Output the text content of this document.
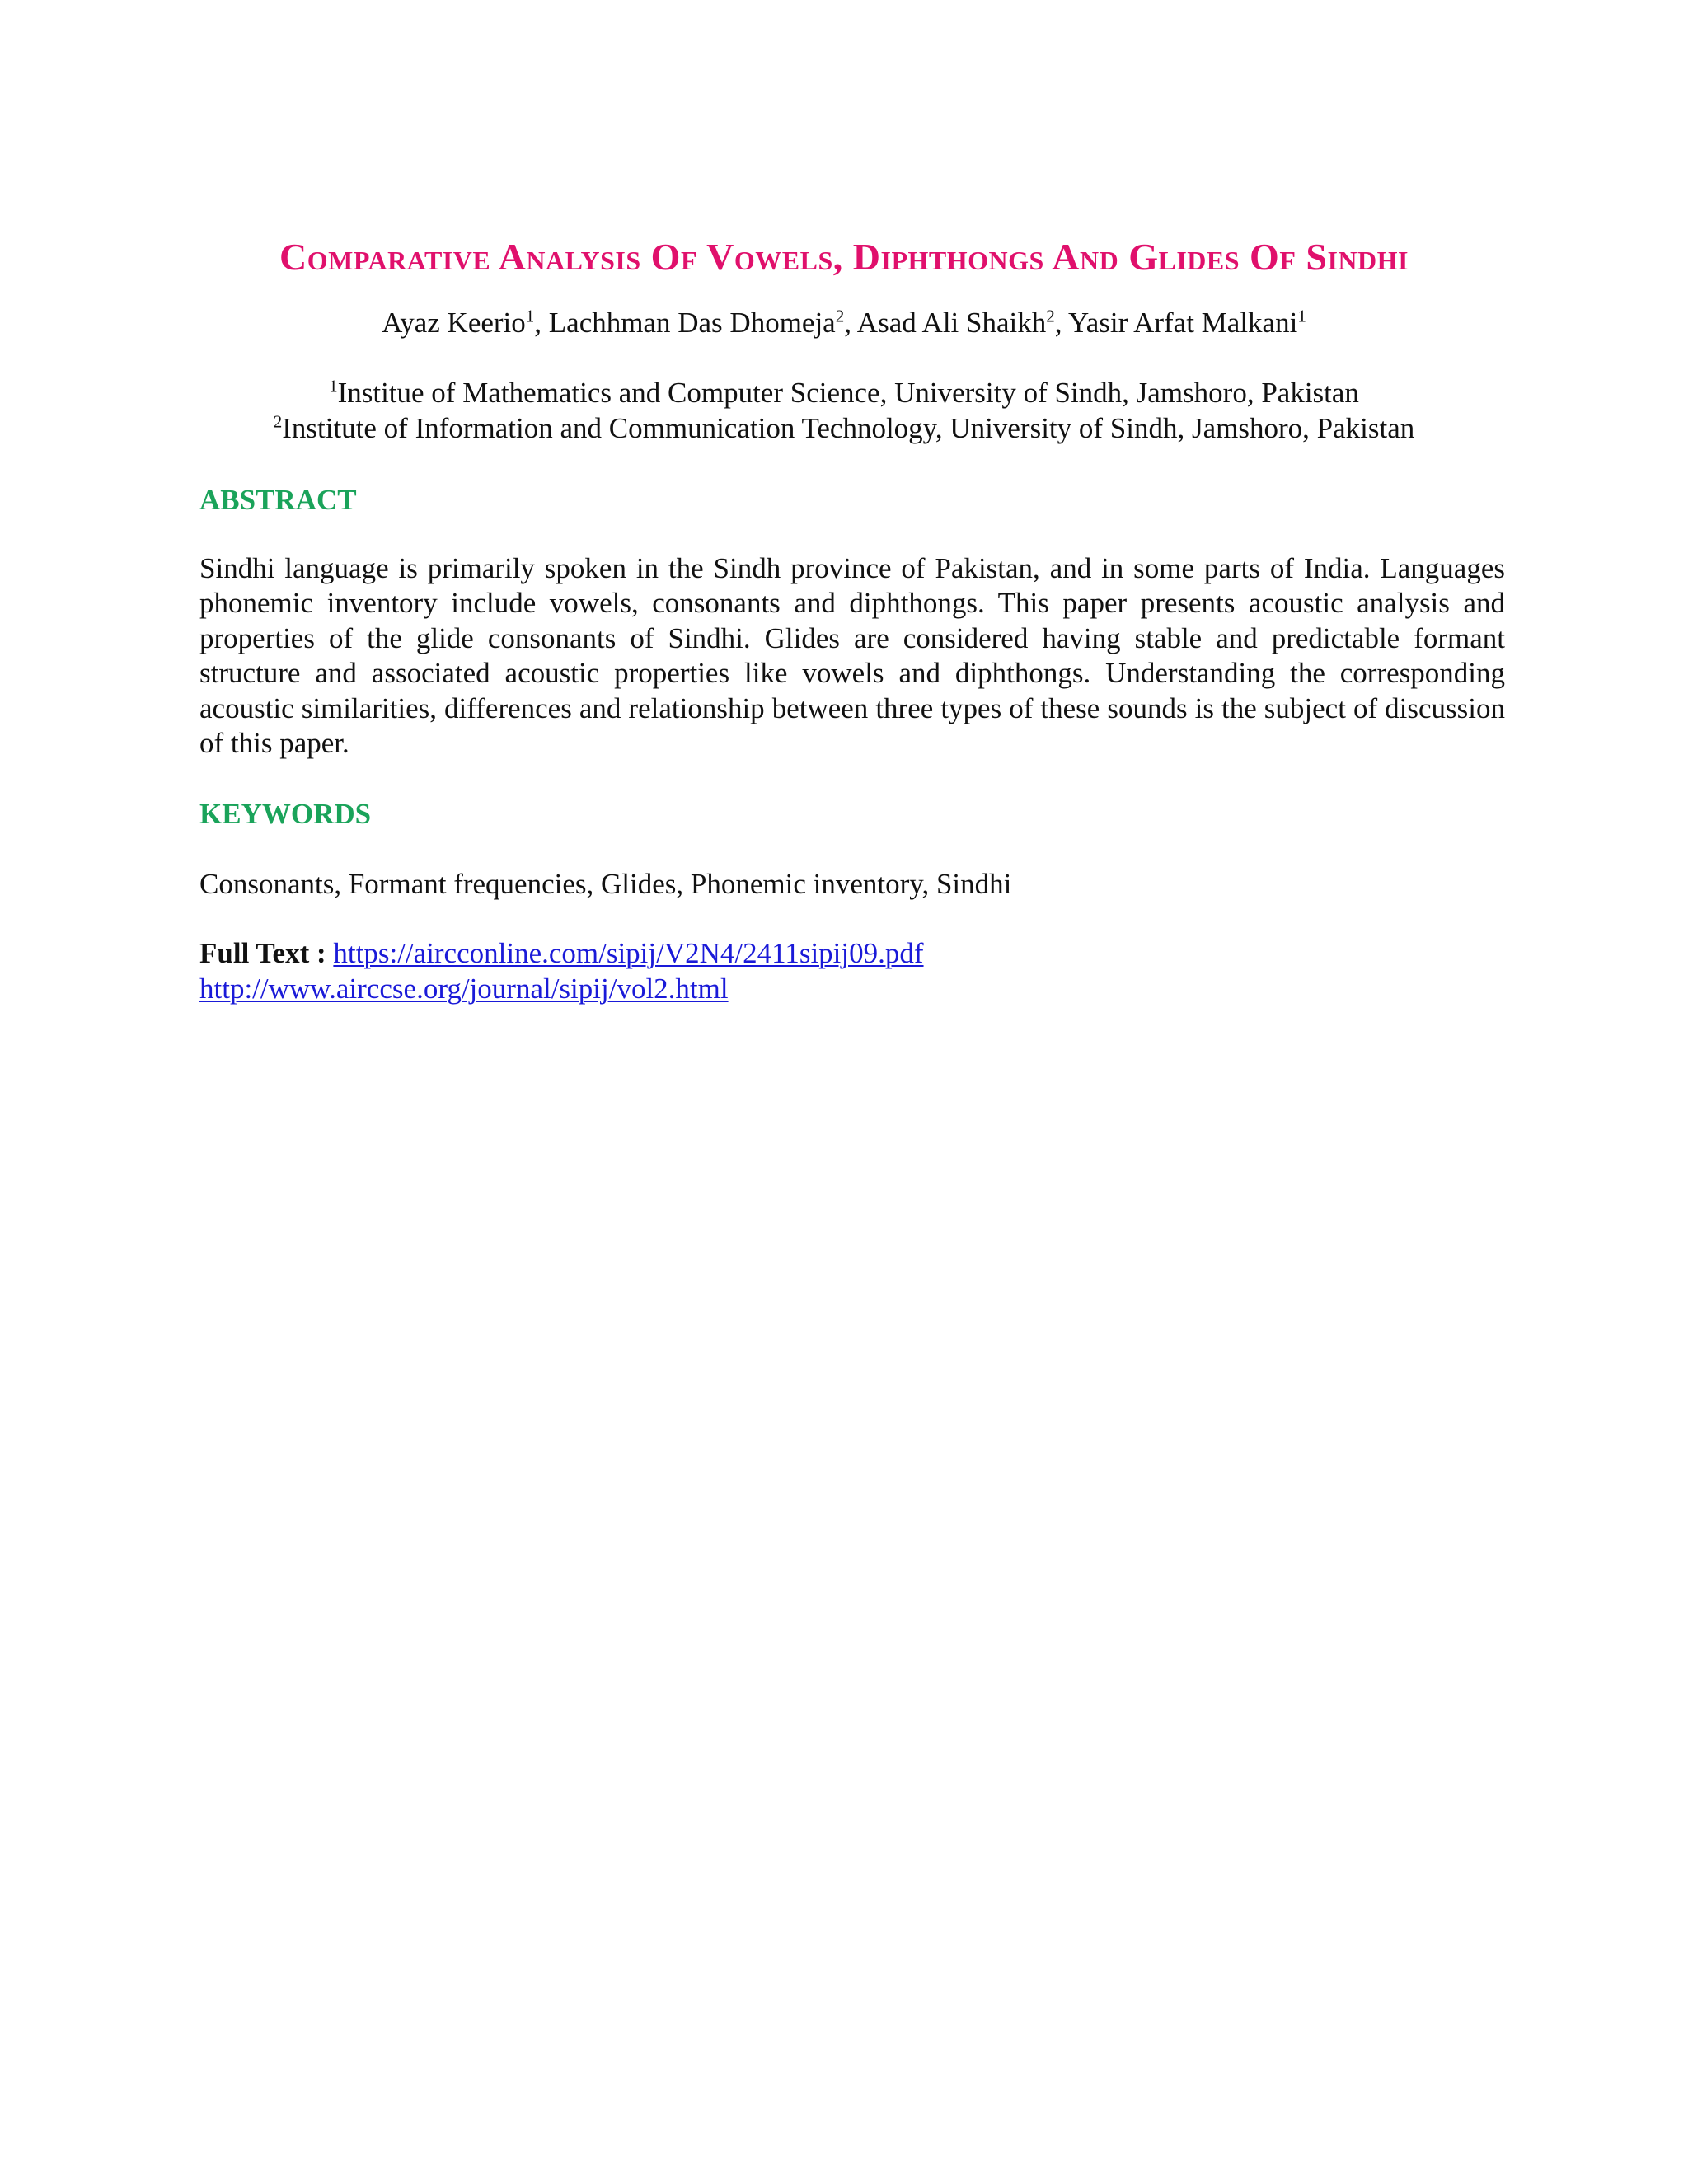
Comparative Analysis Of Vowels, Diphthongs And Glides Of Sindhi
Ayaz Keerio$^1$, Lachhman Das Dhomeja$^2$, Asad Ali Shaikh$^2$, Yasir Arfat Malkani$^1$
$^1$Institue of Mathematics and Computer Science, University of Sindh, Jamshoro, Pakistan
$^2$Institute of Information and Communication Technology, University of Sindh, Jamshoro, Pakistan
ABSTRACT
Sindhi language is primarily spoken in the Sindh province of Pakistan, and in some parts of India. Languages phonemic inventory include vowels, consonants and diphthongs. This paper presents acoustic analysis and properties of the glide consonants of Sindhi. Glides are considered having stable and predictable formant structure and associated acoustic properties like vowels and diphthongs. Understanding the corresponding acoustic similarities, differences and relationship between three types of these sounds is the subject of discussion of this paper.
KEYWORDS
Consonants, Formant frequencies, Glides, Phonemic inventory, Sindhi
Full Text : https://aircconline.com/sipij/V2N4/2411sipij09.pdf
http://www.airccse.org/journal/sipij/vol2.html
